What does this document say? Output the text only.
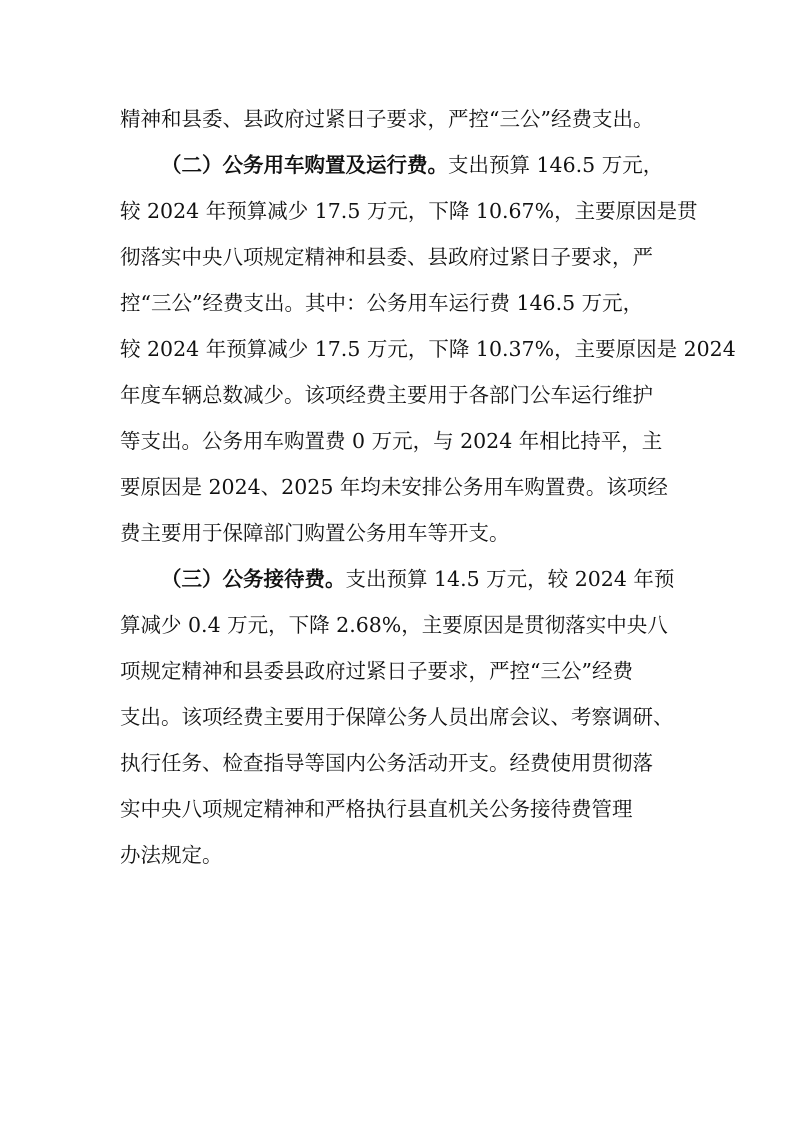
精神和县委、县政府过紧日子要求，严控“三公”经费支出。
（二）公务用车购置及运行费。支出预算 146.5 万元，
较 2024 年预算减少 17.5 万元，下降 10.67%，主要原因是贯
彻落实中央八项规定精神和县委、县政府过紧日子要求，严
控“三公”经费支出。其中：公务用车运行费 146.5 万元，
较 2024 年预算减少 17.5 万元，下降 10.37%，主要原因是 2024
年度车辆总数减少。该项经费主要用于各部门公车运行维护
等支出。公务用车购置费 0 万元，与 2024 年相比持平，主
要原因是 2024、2025 年均未安排公务用车购置费。该项经
费主要用于保障部门购置公务用车等开支。
（三）公务接待费。支出预算 14.5 万元，较 2024 年预
算减少 0.4 万元，下降 2.68%，主要原因是贯彻落实中央八
项规定精神和县委县政府过紧日子要求，严控“三公”经费
支出。该项经费主要用于保障公务人员出席会议、考察调研、
执行任务、检查指导等国内公务活动开支。经费使用贯彻落
实中央八项规定精神和严格执行县直机关公务接待费管理
办法规定。
